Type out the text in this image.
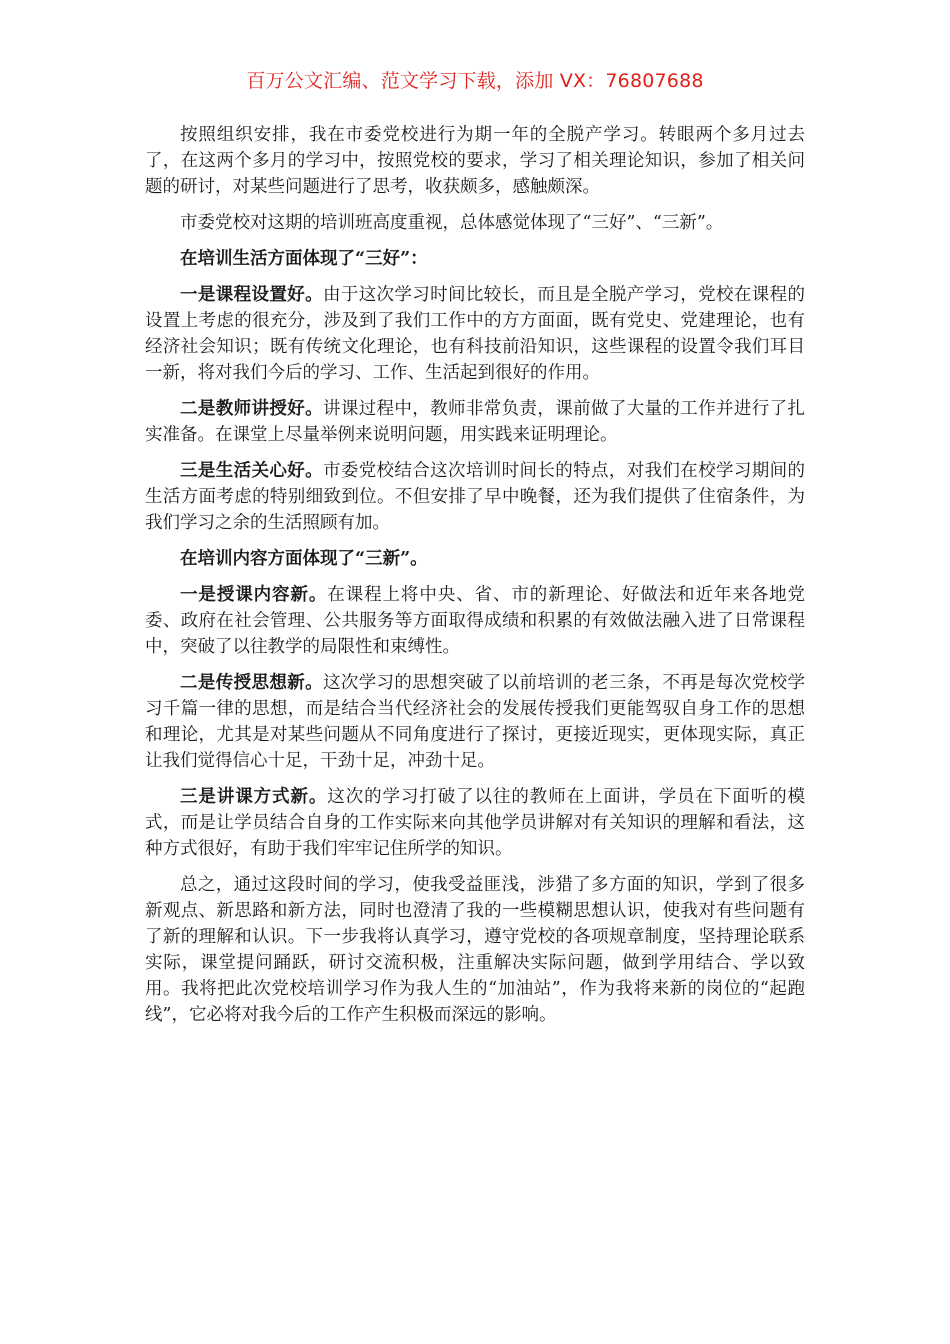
百万公文汇编、范文学习下载，添加 VX：76807688

按照组织安排，我在市委党校进行为期一年的全脱产学习。转眼两个多月过去了，在这两个多月的学习中，按照党校的要求，学习了相关理论知识，参加了相关问题的研讨，对某些问题进行了思考，收获颇多，感触颇深。

市委党校对这期的培训班高度重视，总体感觉体现了“三好”、“三新”。

在培训生活方面体现了“三好”：

一是课程设置好。由于这次学习时间比较长，而且是全脱产学习，党校在课程的设置上考虑的很充分，涉及到了我们工作中的方方面面，既有党史、党建理论，也有经济社会知识；既有传统文化理论，也有科技前沿知识，这些课程的设置令我们耳目一新，将对我们今后的学习、工作、生活起到很好的作用。

二是教师讲授好。讲课过程中，教师非常负责，课前做了大量的工作并进行了扎实准备。在课堂上尽量举例来说明问题，用实践来证明理论。

三是生活关心好。市委党校结合这次培训时间长的特点，对我们在校学习期间的生活方面考虑的特别细致到位。不但安排了早中晚餐，还为我们提供了住宿条件，为我们学习之余的生活照顾有加。

在培训内容方面体现了“三新”。

一是授课内容新。在课程上将中央、省、市的新理论、好做法和近年来各地党委、政府在社会管理、公共服务等方面取得成绩和积累的有效做法融入进了日常课程中，突破了以往教学的局限性和束缚性。

二是传授思想新。这次学习的思想突破了以前培训的老三条，不再是每次党校学习千篇一律的思想，而是结合当代经济社会的发展传授我们更能驾驭自身工作的思想和理论，尤其是对某些问题从不同角度进行了探讨，更接近现实，更体现实际，真正让我们觉得信心十足，干劲十足，冲劲十足。

三是讲课方式新。这次的学习打破了以往的教师在上面讲，学员在下面听的模式，而是让学员结合自身的工作实际来向其他学员讲解对有关知识的理解和看法，这种方式很好，有助于我们牢牢记住所学的知识。

总之，通过这段时间的学习，使我受益匪浅，涉猎了多方面的知识，学到了很多新观点、新思路和新方法，同时也澄清了我的一些模糊思想认识，使我对有些问题有了新的理解和认识。下一步我将认真学习，遵守党校的各项规章制度，坚持理论联系实际，课堂提问踊跃，研讨交流积极，注重解决实际问题，做到学用结合、学以致用。我将把此次党校培训学习作为我人生的“加油站”，作为我将来新的岗位的“起跑线”，它必将对我今后的工作产生积极而深远的影响。
